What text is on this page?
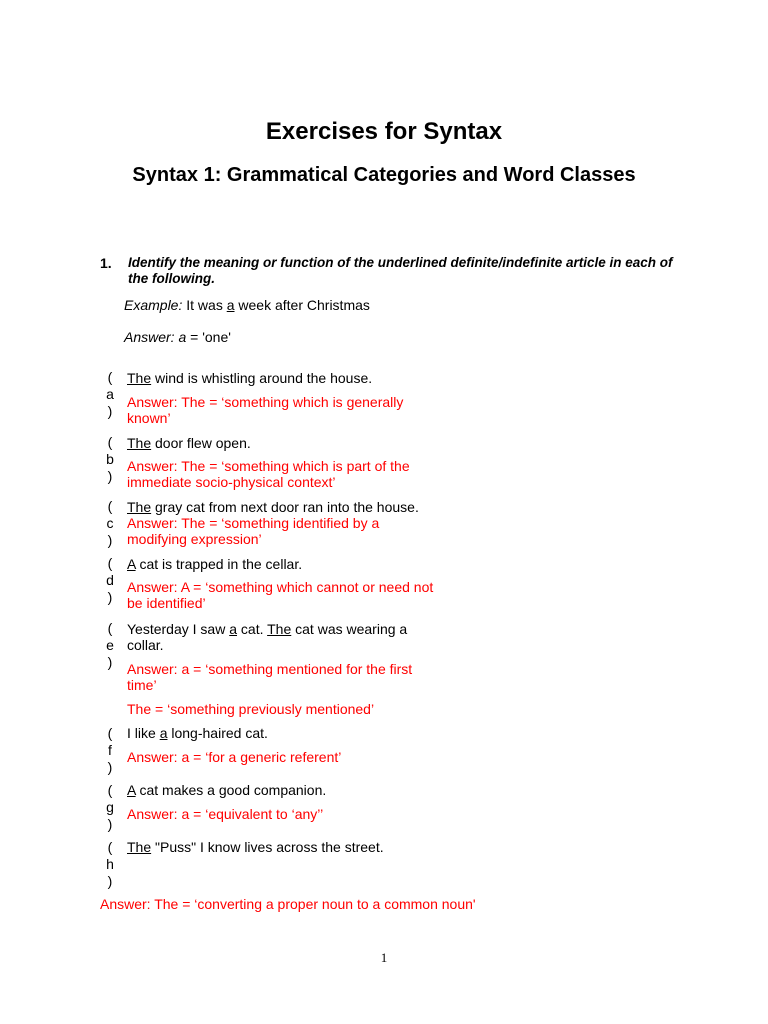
Exercises for Syntax
Syntax 1: Grammatical Categories and Word Classes
1. Identify the meaning or function of the underlined definite/indefinite article in each of the following.
Example: It was a week after Christmas
Answer: a = 'one'
(
a
)
The wind is whistling around the house.
Answer: The = ‘something which is generally known’
(
b
)
The door flew open.
Answer: The = ‘something which is part of the immediate socio-physical context’
(
c
)
The gray cat from next door ran into the house.
Answer: The = ‘something identified by a modifying expression’
(
d
)
A cat is trapped in the cellar.
Answer: A = ‘something which cannot or need not be identified’
(
e
)
Yesterday I saw a cat. The cat was wearing a collar.
Answer: a = ‘something mentioned for the first time’
The = ‘something previously mentioned’
(
f
)
I like a long-haired cat.
Answer: a = ‘for a generic referent’
(
g
)
A cat makes a good companion.
Answer: a = ‘equivalent to ‘any’’
(
h
)
The "Puss" I know lives across the street.
Answer: The = ‘converting a proper noun to a common noun'
1
